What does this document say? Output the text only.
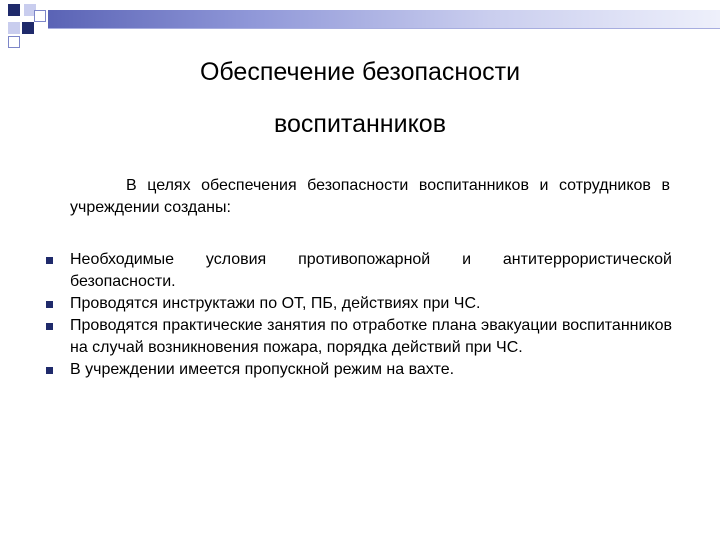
Обеспечение безопасности
воспитанников
В целях обеспечения безопасности воспитанников и сотрудников в учреждении созданы:
Необходимые условия противопожарной и антитеррористической безопасности.
Проводятся инструктажи по ОТ, ПБ, действиях при ЧС.
Проводятся практические занятия по отработке плана эвакуации воспитанников на случай возникновения пожара, порядка действий при ЧС.
В учреждении имеется пропускной режим на вахте.
